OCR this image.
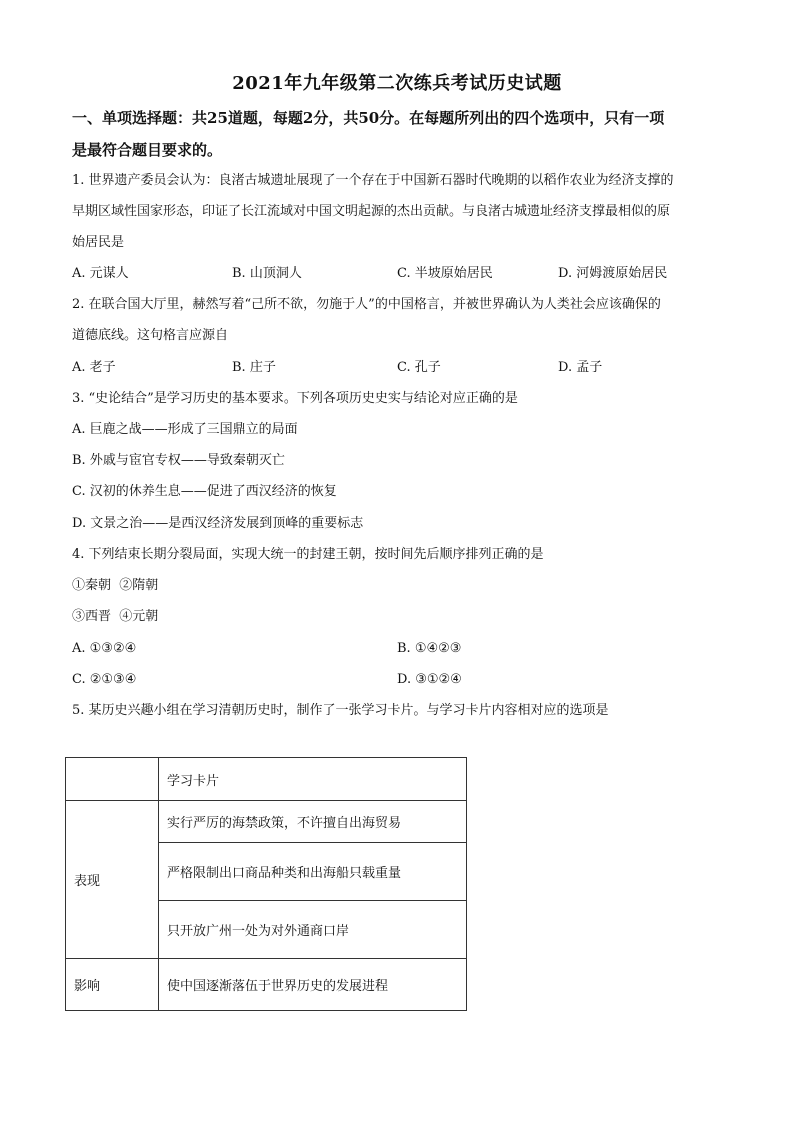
2021年九年级第二次练兵考试历史试题
一、单项选择题：共25道题，每题2分，共50分。在每题所列出的四个选项中，只有一项
是最符合题目要求的。
1. 世界遗产委员会认为：良渚古城遗址展现了一个存在于中国新石器时代晚期的以稻作农业为经济支撑的
早期区域性国家形态，印证了长江流域对中国文明起源的杰出贡献。与良渚古城遗址经济支撑最相似的原
始居民是
A. 元谋人	B. 山顶洞人	C. 半坡原始居民	D. 河姆渡原始居民
2. 在联合国大厅里，赫然写着“己所不欲，勿施于人”的中国格言，并被世界确认为人类社会应该确保的
道德底线。这句格言应源自
A. 老子	B. 庄子	C. 孔子	D. 孟子
3. “史论结合”是学习历史的基本要求。下列各项历史史实与结论对应正确的是
A. 巨鹿之战——形成了三国鼎立的局面
B. 外戚与宦官专权——导致秦朝灭亡
C. 汉初的休养生息——促进了西汉经济的恢复
D. 文景之治——是西汉经济发展到顶峰的重要标志
4. 下列结束长期分裂局面，实现大统一的封建王朝，按时间先后顺序排列正确的是
①秦朝  ②隋朝
③西晋  ④元朝
A. ①③②④	B. ①④②③
C. ②①③④	D. ③①②④
5. 某历史兴趣小组在学习清朝历史时，制作了一张学习卡片。与学习卡片内容相对应的选项是
	学习卡片
表现	实行严厉的海禁政策，不许擅自出海贸易
	严格限制出口商品种类和出海船只载重量
	只开放广州一处为对外通商口岸
影响	使中国逐渐落伍于世界历史的发展进程
